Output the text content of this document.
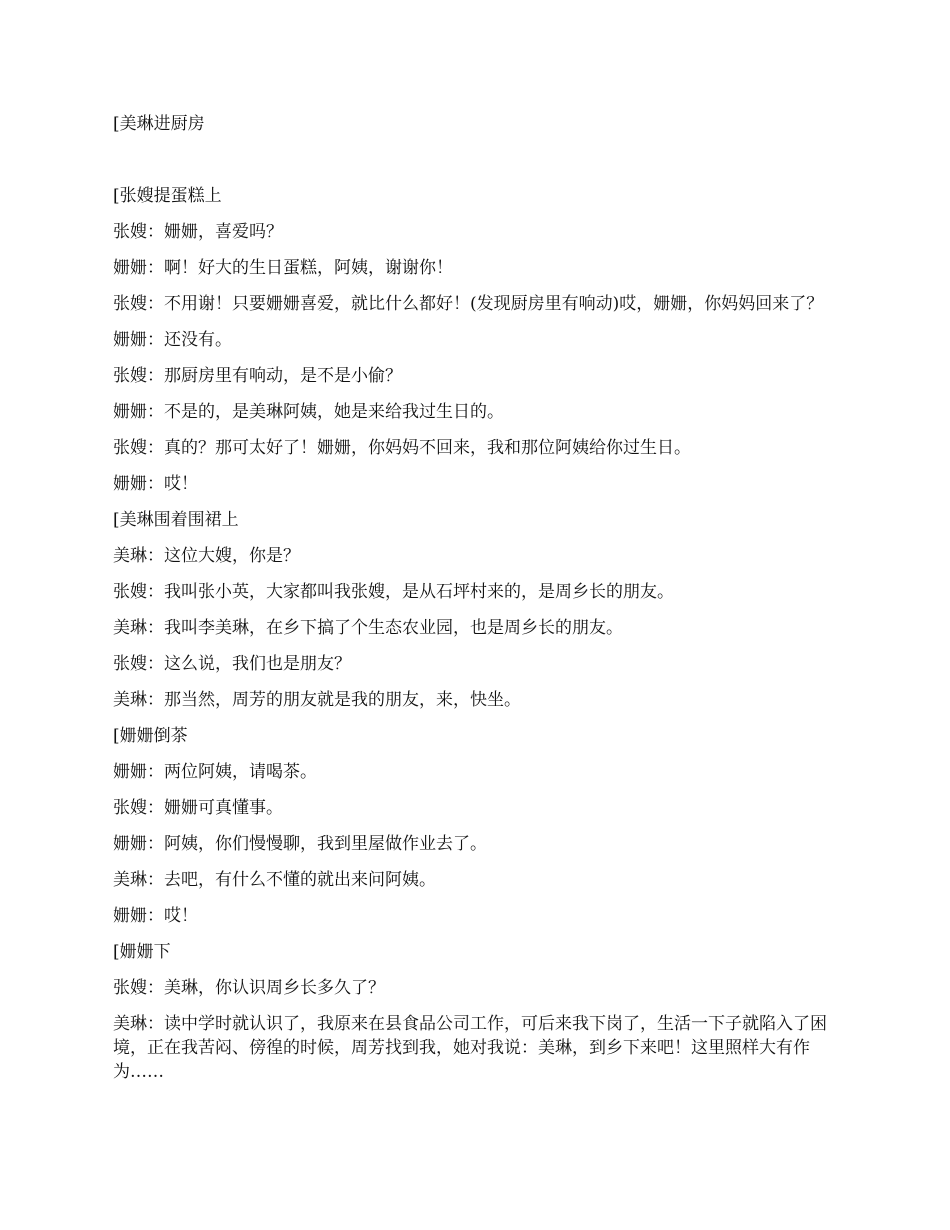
[美琳进厨房

[张嫂提蛋糕上

张嫂：姗姗，喜爱吗？

姗姗：啊！好大的生日蛋糕，阿姨，谢谢你！

张嫂：不用谢！只要姗姗喜爱，就比什么都好！(发现厨房里有响动)哎，姗姗，你妈妈回来了？

姗姗：还没有。

张嫂：那厨房里有响动，是不是小偷？

姗姗：不是的，是美琳阿姨，她是来给我过生日的。

张嫂：真的？那可太好了！姗姗，你妈妈不回来，我和那位阿姨给你过生日。

姗姗：哎！

[美琳围着围裙上

美琳：这位大嫂，你是？

张嫂：我叫张小英，大家都叫我张嫂，是从石坪村来的，是周乡长的朋友。

美琳：我叫李美琳，在乡下搞了个生态农业园，也是周乡长的朋友。

张嫂：这么说，我们也是朋友？

美琳：那当然，周芳的朋友就是我的朋友，来，快坐。

[姗姗倒茶

姗姗：两位阿姨，请喝茶。

张嫂：姗姗可真懂事。

姗姗：阿姨，你们慢慢聊，我到里屋做作业去了。

美琳：去吧，有什么不懂的就出来问阿姨。

姗姗：哎！

[姗姗下

张嫂：美琳，你认识周乡长多久了？

美琳：读中学时就认识了，我原来在县食品公司工作，可后来我下岗了，生活一下子就陷入了困境，正在我苦闷、傍徨的时候，周芳找到我，她对我说：美琳，到乡下来吧！这里照样大有作为……
